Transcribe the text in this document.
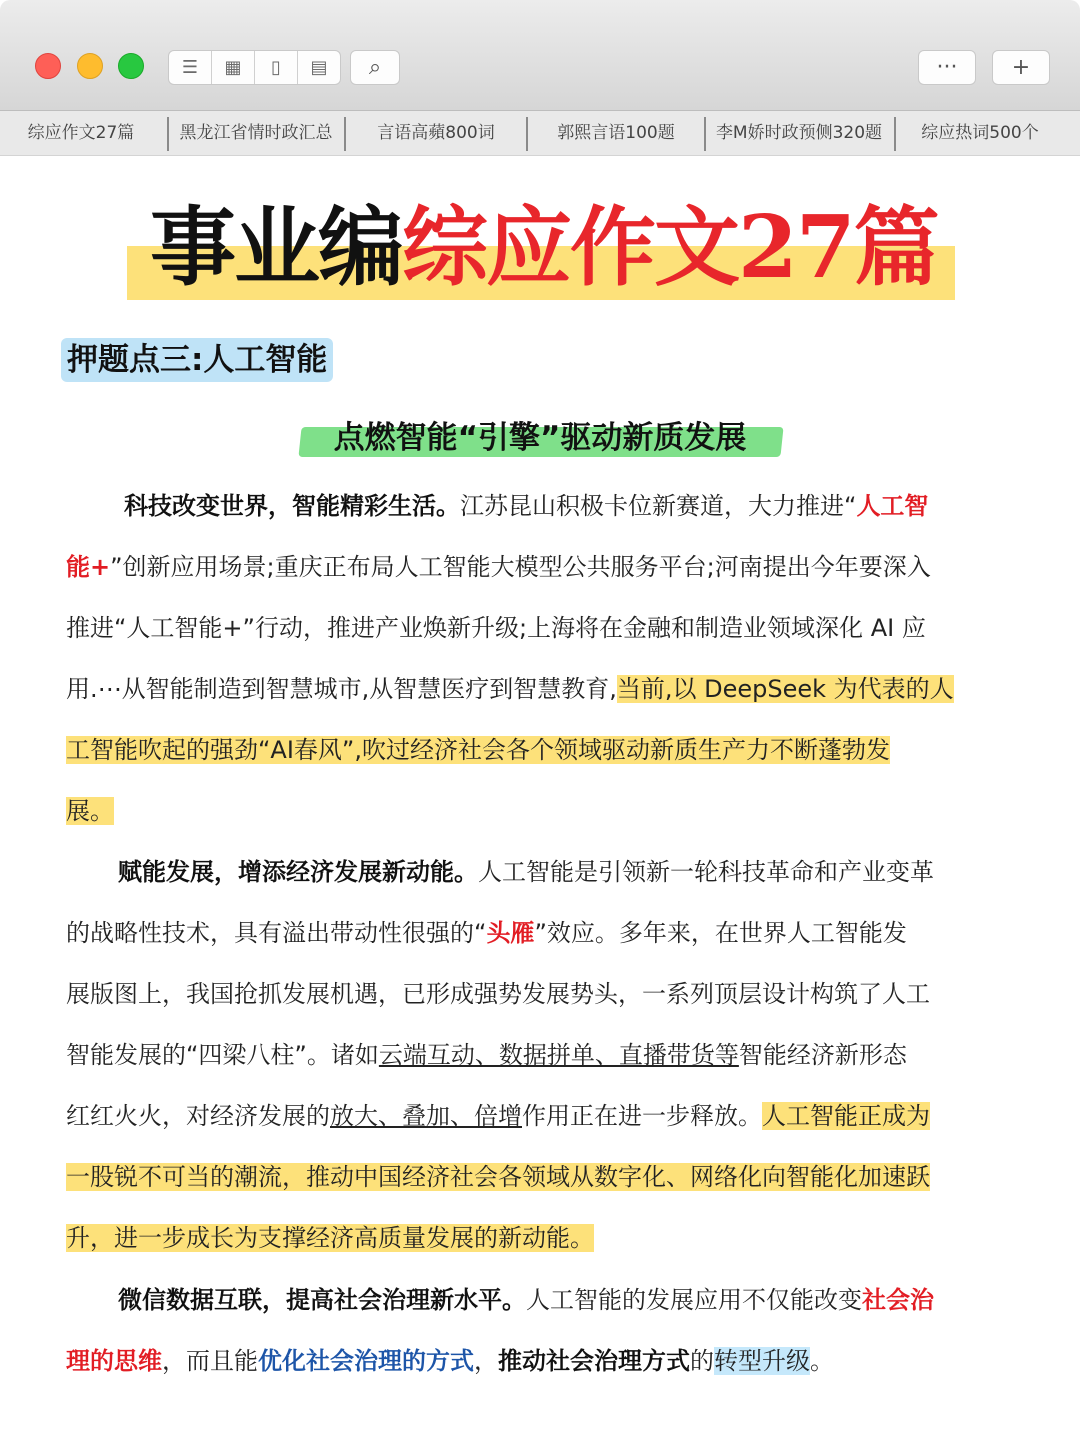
☰	▦	▯	▤	⌕	··· +
综应作文27篇	黑龙江省情时政汇总	言语高蘋800词	郭熙言语100题	李M娇时政预侧320题	综应热词500个
事业编综应作文27篇
押题点三:人工智能
点燃智能“引擎”驱动新质发展
科技改变世界，智能精彩生活。江苏昆山积极卡位新赛道，大力推进“人工智
能+”创新应用场景;重庆正布局人工智能大模型公共服务平台;河南提出今年要深入
推进“人工智能+”行动，推进产业焕新升级;上海将在金融和制造业领域深化 AI 应
用.⋯从智能制造到智慧城市,从智慧医疗到智慧教育,当前,以 DeepSeek 为代表的人
工智能吹起的强劲“AI春风”,吹过经济社会各个领域驱动新质生产力不断蓬勃发
展。
赋能发展，增添经济发展新动能。人工智能是引领新一轮科技革命和产业变革
的战略性技术，具有溢出带动性很强的“头雁”效应。多年来，在世界人工智能发
展版图上，我国抢抓发展机遇，已形成强势发展势头，一系列顶层设计构筑了人工
智能发展的“四梁八柱”。诸如云端互动、数据拼单、直播带货等智能经济新形态
红红火火，对经济发展的放大、叠加、倍增作用正在进一步释放。人工智能正成为
一股锐不可当的潮流，推动中国经济社会各领域从数字化、网络化向智能化加速跃
升，进一步成长为支撑经济高质量发展的新动能。
微信数据互联，提高社会治理新水平。人工智能的发展应用不仅能改变社会治
理的思维，而且能优化社会治理的方式，推动社会治理方式的转型升级。
